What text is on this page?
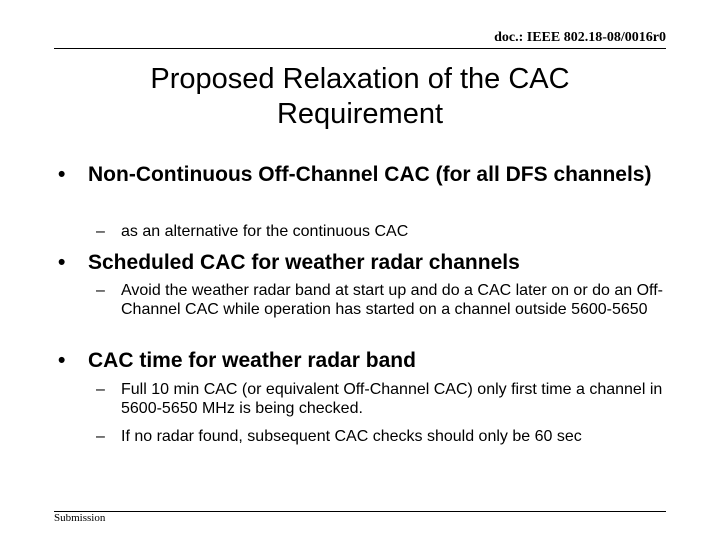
doc.: IEEE 802.18-08/0016r0
Proposed Relaxation of the CAC
Requirement
• Non-Continuous Off-Channel CAC (for all DFS channels)
– as an alternative for the continuous CAC
• Scheduled CAC for weather radar channels
– Avoid the weather radar band at start up and do a CAC later on or do an Off-Channel CAC while operation has started on a channel outside 5600-5650
• CAC time for weather radar band
– Full 10 min CAC (or equivalent Off-Channel CAC) only first time a channel in 5600-5650 MHz is being checked.
– If no radar found, subsequent CAC checks should only be 60 sec
Submission
